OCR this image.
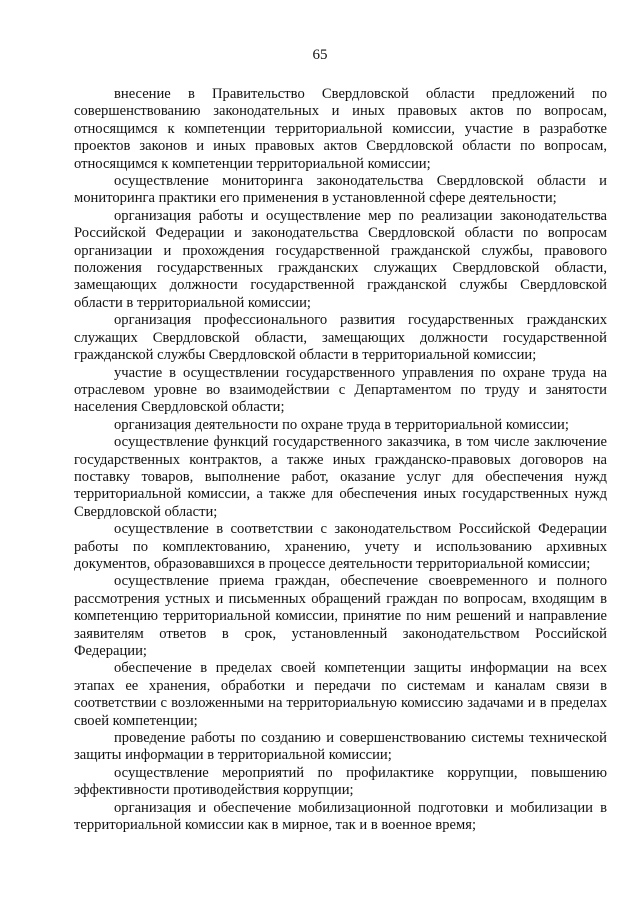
65

внесение в Правительство Свердловской области предложений по совершенствованию законодательных и иных правовых актов по вопросам, относящимся к компетенции территориальной комиссии, участие в разработке проектов законов и иных правовых актов Свердловской области по вопросам, относящимся к компетенции территориальной комиссии;

осуществление мониторинга законодательства Свердловской области и мониторинга практики его применения в установленной сфере деятельности;

организация работы и осуществление мер по реализации законодательства Российской Федерации и законодательства Свердловской области по вопросам организации и прохождения государственной гражданской службы, правового положения государственных гражданских служащих Свердловской области, замещающих должности государственной гражданской службы Свердловской области в территориальной комиссии;

организация профессионального развития государственных гражданских служащих Свердловской области, замещающих должности государственной гражданской службы Свердловской области в территориальной комиссии;

участие в осуществлении государственного управления по охране труда на отраслевом уровне во взаимодействии с Департаментом по труду и занятости населения Свердловской области;

организация деятельности по охране труда в территориальной комиссии;

осуществление функций государственного заказчика, в том числе заключение государственных контрактов, а также иных гражданско-правовых договоров на поставку товаров, выполнение работ, оказание услуг для обеспечения нужд территориальной комиссии, а также для обеспечения иных государственных нужд Свердловской области;

осуществление в соответствии с законодательством Российской Федерации работы по комплектованию, хранению, учету и использованию архивных документов, образовавшихся в процессе деятельности территориальной комиссии;

осуществление приема граждан, обеспечение своевременного и полного рассмотрения устных и письменных обращений граждан по вопросам, входящим в компетенцию территориальной комиссии, принятие по ним решений и направление заявителям ответов в срок, установленный законодательством Российской Федерации;

обеспечение в пределах своей компетенции защиты информации на всех этапах ее хранения, обработки и передачи по системам и каналам связи в соответствии с возложенными на территориальную комиссию задачами и в пределах своей компетенции;

проведение работы по созданию и совершенствованию системы технической защиты информации в территориальной комиссии;

осуществление мероприятий по профилактике коррупции, повышению эффективности противодействия коррупции;

организация и обеспечение мобилизационной подготовки и мобилизации в территориальной комиссии как в мирное, так и в военное время;
